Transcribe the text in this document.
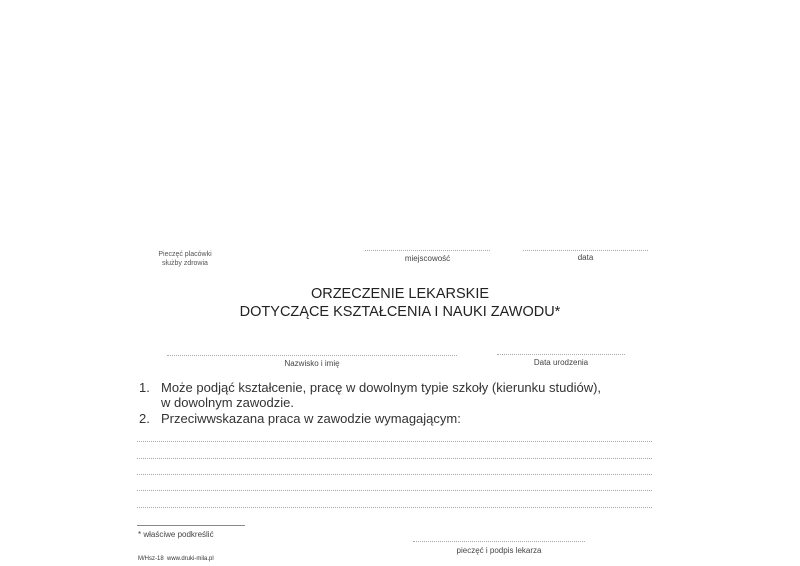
Pieczęć placówki
służby zdrowia
miejscowość	data
ORZECZENIE LEKARSKIE
DOTYCZĄCE KSZTAŁCENIA I NAUKI ZAWODU*
Nazwisko i imię	Data urodzenia
1. Może podjąć kształcenie, pracę w dowolnym typie szkoły (kierunku studiów),
w dowolnym zawodzie.
2. Przeciwwskazana praca w zawodzie wymagającym:
* właściwe podkreślić
pieczęć i podpis lekarza
M/Hsz-18  www.druki-mila.pl
